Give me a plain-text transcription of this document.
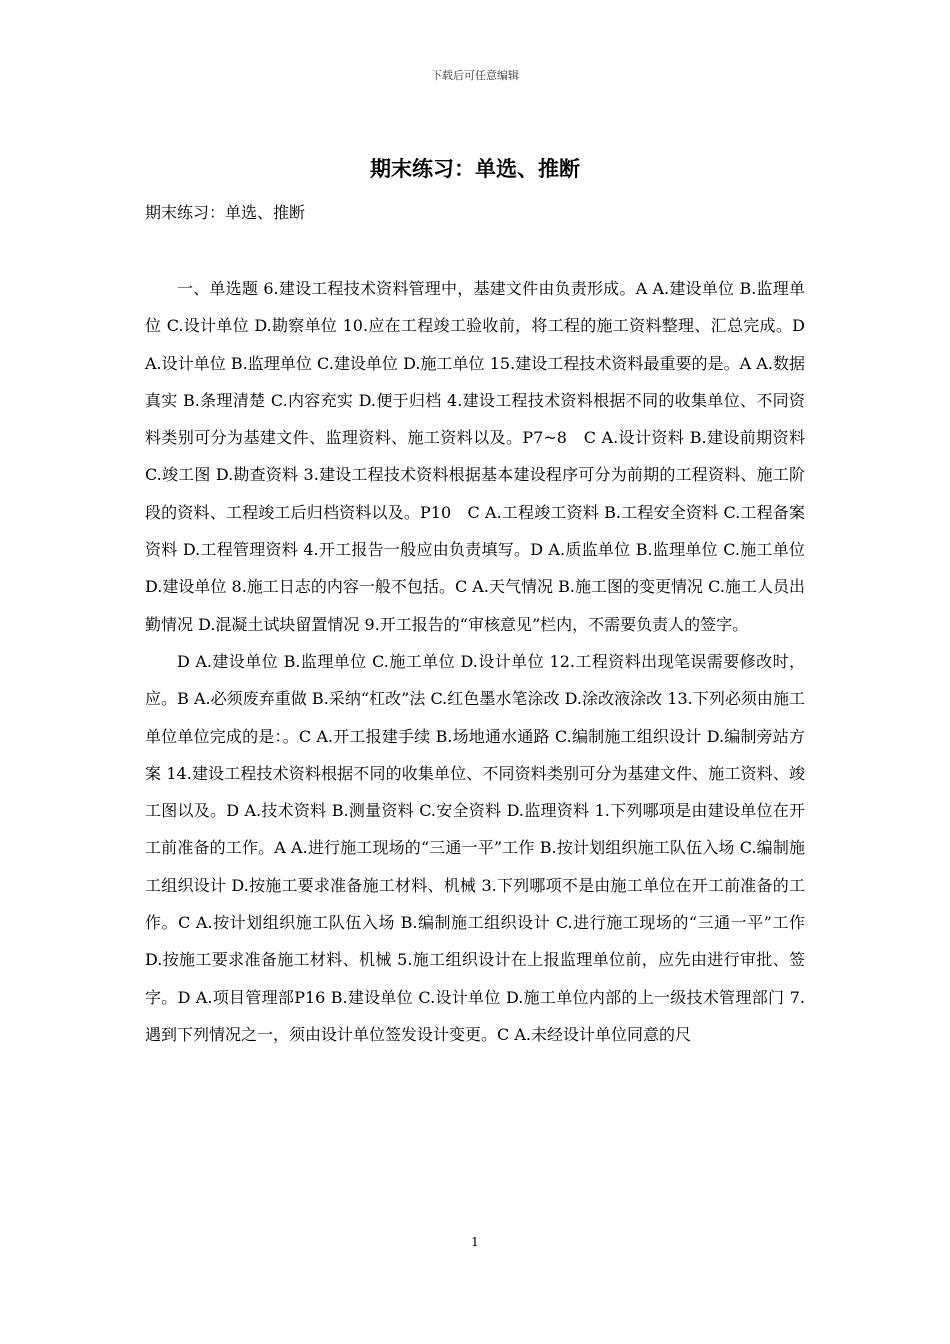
下载后可任意编辑
期末练习：单选、推断
期末练习：单选、推断

一、单选题 6.建设工程技术资料管理中，基建文件由负责形成。A A.建设单位 B.监理单位 C.设计单位 D.勘察单位 10.应在工程竣工验收前，将工程的施工资料整理、汇总完成。D A.设计单位 B.监理单位 C.建设单位 D.施工单位 15.建设工程技术资料最重要的是。A A.数据真实 B.条理清楚 C.内容充实 D.便于归档 4.建设工程技术资料根据不同的收集单位、不同资料类别可分为基建文件、监理资料、施工资料以及。P7~8　C A.设计资料 B.建设前期资料 C.竣工图 D.勘查资料 3.建设工程技术资料根据基本建设程序可分为前期的工程资料、施工阶段的资料、工程竣工后归档资料以及。P10　C A.工程竣工资料 B.工程安全资料 C.工程备案资料 D.工程管理资料 4.开工报告一般应由负责填写。D A.质监单位 B.监理单位 C.施工单位 D.建设单位 8.施工日志的内容一般不包括。C A.天气情况 B.施工图的变更情况 C.施工人员出勤情况 D.混凝土试块留置情况 9.开工报告的“审核意见”栏内，不需要负责人的签字。

D A.建设单位 B.监理单位 C.施工单位 D.设计单位 12.工程资料出现笔误需要修改时，应。B A.必须废弃重做 B.采纳“杠改”法 C.红色墨水笔涂改 D.涂改液涂改 13.下列必须由施工单位单位完成的是：。C A.开工报建手续 B.场地通水通路 C.编制施工组织设计 D.编制旁站方案 14.建设工程技术资料根据不同的收集单位、不同资料类别可分为基建文件、施工资料、竣工图以及。D A.技术资料 B.测量资料 C.安全资料 D.监理资料 1.下列哪项是由建设单位在开工前准备的工作。A A.进行施工现场的“三通一平”工作 B.按计划组织施工队伍入场 C.编制施工组织设计 D.按施工要求准备施工材料、机械 3.下列哪项不是由施工单位在开工前准备的工作。C A.按计划组织施工队伍入场 B.编制施工组织设计 C.进行施工现场的“三通一平”工作 D.按施工要求准备施工材料、机械 5.施工组织设计在上报监理单位前，应先由进行审批、签字。D A.项目管理部P16 B.建设单位 C.设计单位 D.施工单位内部的上一级技术管理部门 7.遇到下列情况之一，须由设计单位签发设计变更。C A.未经设计单位同意的尺

1
